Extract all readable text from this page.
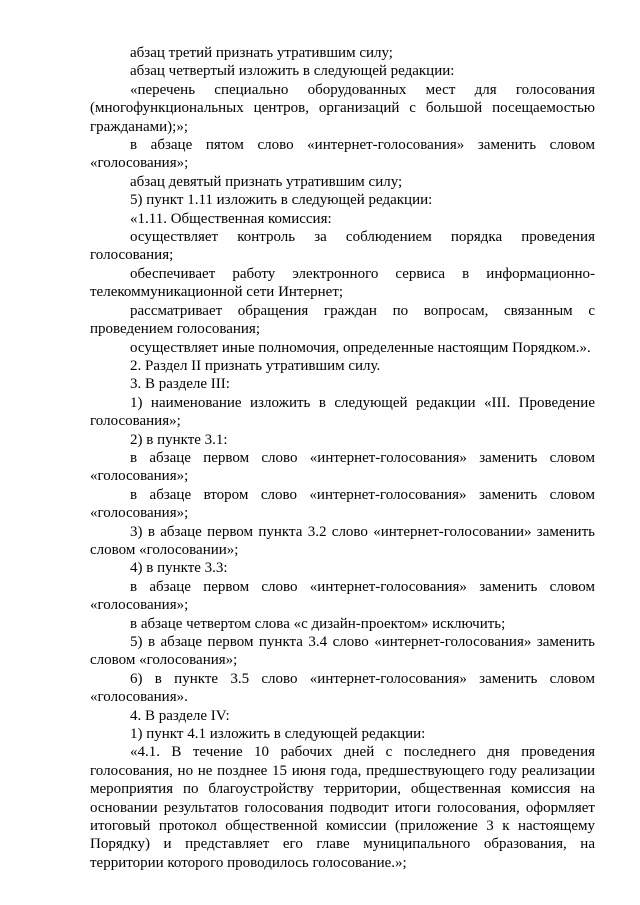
абзац третий признать утратившим силу;

абзац четвертый изложить в следующей редакции:

«перечень специально оборудованных мест для голосования (многофункциональных центров, организаций с большой посещаемостью гражданами);»;

в абзаце пятом слово «интернет-голосования» заменить словом «голосования»;

абзац девятый признать утратившим силу;

5) пункт 1.11 изложить в следующей редакции:

«1.11. Общественная комиссия:

осуществляет контроль за соблюдением порядка проведения голосования;

обеспечивает работу электронного сервиса в информационно-телекоммуникационной сети Интернет;

рассматривает обращения граждан по вопросам, связанным с проведением голосования;

осуществляет иные полномочия, определенные настоящим Порядком.».

2. Раздел II признать утратившим силу.

3. В разделе III:

1) наименование изложить в следующей редакции «III. Проведение голосования»;

2) в пункте 3.1:

в абзаце первом слово «интернет-голосования» заменить словом «голосования»;

в абзаце втором слово «интернет-голосования» заменить словом «голосования»;

3) в абзаце первом пункта 3.2 слово «интернет-голосовании» заменить словом «голосовании»;

4) в пункте 3.3:

в абзаце первом слово «интернет-голосования» заменить словом «голосования»;

в абзаце четвертом слова «с дизайн-проектом» исключить;

5) в абзаце первом пункта 3.4 слово «интернет-голосования» заменить словом «голосования»;

6) в пункте 3.5 слово «интернет-голосования» заменить словом «голосования».

4. В разделе IV:

1) пункт 4.1 изложить в следующей редакции:

«4.1. В течение 10 рабочих дней с последнего дня проведения голосования, но не позднее 15 июня года, предшествующего году реализации мероприятия по благоустройству территории, общественная комиссия на основании результатов голосования подводит итоги голосования, оформляет итоговый протокол общественной комиссии (приложение 3 к настоящему Порядку) и представляет его главе муниципального образования, на территории которого проводилось голосование.»;
